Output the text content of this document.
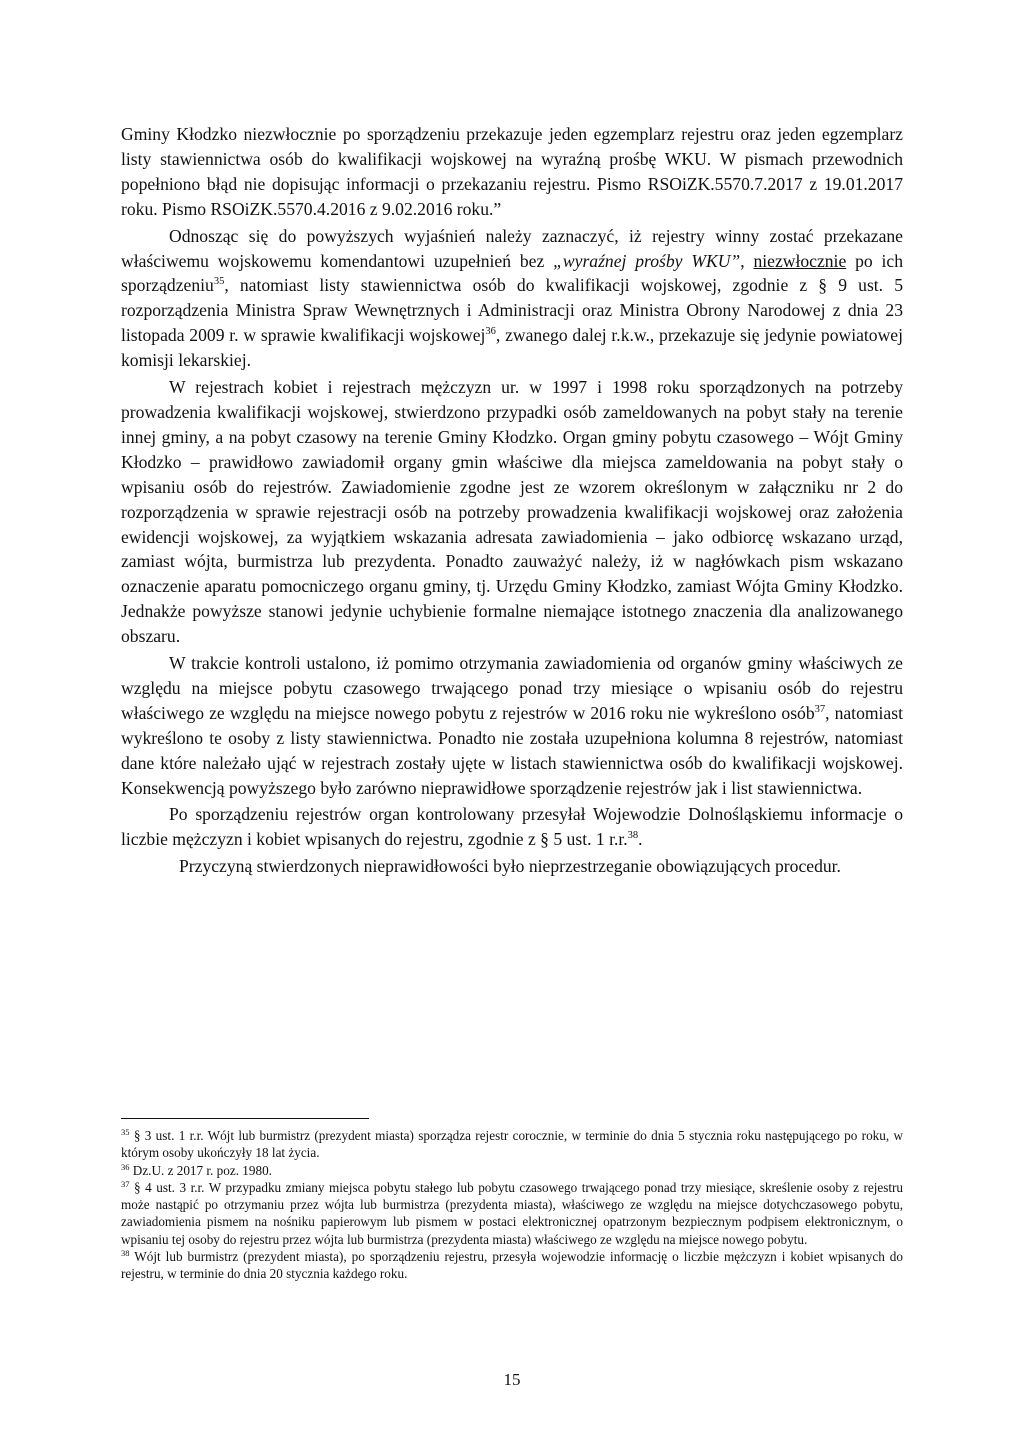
Gminy Kłodzko niezwłocznie po sporządzeniu przekazuje jeden egzemplarz rejestru oraz jeden egzemplarz listy stawiennictwa osób do kwalifikacji wojskowej na wyraźną prośbę WKU. W pismach przewodnich popełniono błąd nie dopisując informacji o przekazaniu rejestru. Pismo RSOiZK.5570.7.2017 z 19.01.2017 roku. Pismo RSOiZK.5570.4.2016 z 9.02.2016 roku.”

Odnosząc się do powyższych wyjaśnień należy zaznaczyć, iż rejestry winny zostać przekazane właściwemu wojskowemu komendantowi uzupełnień bez „wyraźnej prośby WKU”, niezwłocznie po ich sporządzeniu$^{35}$, natomiast listy stawiennictwa osób do kwalifikacji wojskowej, zgodnie z § 9 ust. 5 rozporządzenia Ministra Spraw Wewnętrznych i Administracji oraz Ministra Obrony Narodowej z dnia 23 listopada 2009 r. w sprawie kwalifikacji wojskowej$^{36}$, zwanego dalej r.k.w., przekazuje się jedynie powiatowej komisji lekarskiej.

W rejestrach kobiet i rejestrach mężczyzn ur. w 1997 i 1998 roku sporządzonych na potrzeby prowadzenia kwalifikacji wojskowej, stwierdzono przypadki osób zameldowanych na pobyt stały na terenie innej gminy, a na pobyt czasowy na terenie Gminy Kłodzko. Organ gminy pobytu czasowego – Wójt Gminy Kłodzko – prawidłowo zawiadomił organy gmin właściwe dla miejsca zameldowania na pobyt stały o wpisaniu osób do rejestrów. Zawiadomienie zgodne jest ze wzorem określonym w załączniku nr 2 do rozporządzenia w sprawie rejestracji osób na potrzeby prowadzenia kwalifikacji wojskowej oraz założenia ewidencji wojskowej, za wyjątkiem wskazania adresata zawiadomienia – jako odbiorcę wskazano urząd, zamiast wójta, burmistrza lub prezydenta. Ponadto zauważyć należy, iż w nagłówkach pism wskazano oznaczenie aparatu pomocniczego organu gminy, tj. Urzędu Gminy Kłodzko, zamiast Wójta Gminy Kłodzko. Jednakże powyższe stanowi jedynie uchybienie formalne niemające istotnego znaczenia dla analizowanego obszaru.

W trakcie kontroli ustalono, iż pomimo otrzymania zawiadomienia od organów gminy właściwych ze względu na miejsce pobytu czasowego trwającego ponad trzy miesiące o wpisaniu osób do rejestru właściwego ze względu na miejsce nowego pobytu z rejestrów w 2016 roku nie wykreślono osób$^{37}$, natomiast wykreślono te osoby z listy stawiennictwa. Ponadto nie została uzupełniona kolumna 8 rejestrów, natomiast dane które należało ująć w rejestrach zostały ujęte w listach stawiennictwa osób do kwalifikacji wojskowej. Konsekwencją powyższego było zarówno nieprawidłowe sporządzenie rejestrów jak i list stawiennictwa.

Po sporządzeniu rejestrów organ kontrolowany przesyłał Wojewodzie Dolnośląskiemu informacje o liczbie mężczyzn i kobiet wpisanych do rejestru, zgodnie z § 5 ust. 1 r.r.$^{38}$.

Przyczyną stwierdzonych nieprawidłowości było nieprzestrzeganie obowiązujących procedur.

$^{35}$ § 3 ust. 1 r.r. Wójt lub burmistrz (prezydent miasta) sporządza rejestr corocznie, w terminie do dnia 5 stycznia roku następującego po roku, w którym osoby ukończyły 18 lat życia.

$^{36}$ Dz.U. z 2017 r. poz. 1980.

$^{37}$ § 4 ust. 3 r.r. W przypadku zmiany miejsca pobytu stałego lub pobytu czasowego trwającego ponad trzy miesiące, skreślenie osoby z rejestru może nastąpić po otrzymaniu przez wójta lub burmistrza (prezydenta miasta), właściwego ze względu na miejsce dotychczasowego pobytu, zawiadomienia pismem na nośniku papierowym lub pismem w postaci elektronicznej opatrzonym bezpiecznym podpisem elektronicznym, o wpisaniu tej osoby do rejestru przez wójta lub burmistrza (prezydenta miasta) właściwego ze względu na miejsce nowego pobytu.

$^{38}$ Wójt lub burmistrz (prezydent miasta), po sporządzeniu rejestru, przesyła wojewodzie informację o liczbie mężczyzn i kobiet wpisanych do rejestru, w terminie do dnia 20 stycznia każdego roku.

15
